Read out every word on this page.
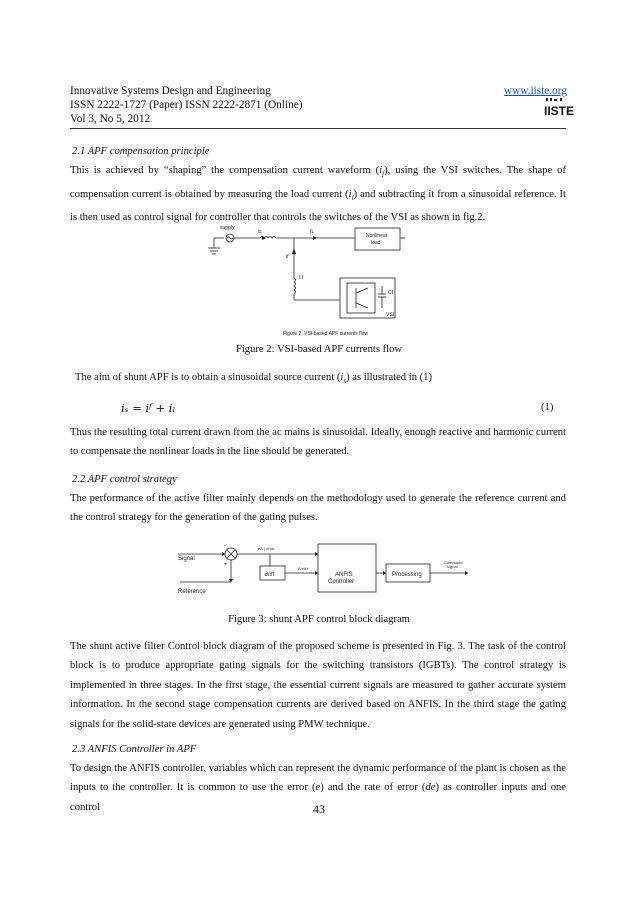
Innovative Systems Design and Engineering
ISSN 2222-1727 (Paper) ISSN 2222-2871 (Online)
Vol 3, No 5, 2012
www.iiste.org
IISTE
2.1 APF compensation principle
This is achieved by “shaping” the compensation current waveform $(i_f)$, using the VSI switches. The shape of compensation current is obtained by measuring the load current $(i_l)$ and subtracting it from a sinusoidal reference. It is then used as control signal for controller that controls the switches of the VSI as shown in fig.2.
supply
is	IL
if
Lf
Nonlinear
load
Cf
VSI
Figure 2. VSI-based APF currents flow
Figure 2: VSI-based APF currents flow
The aim of shunt APF is to obtain a sinusoidal source current $(i_s)$ as illustrated in (1)
iₛ = iᶠ + iₗ	(1)
Thus the resulting total current drawn from the ac mains is sinusoidal. Ideally, enough reactive and harmonic current to compensate the nonlinear loads in the line should be generated.
2.2 APF control strategy
The performance of the active filter mainly depends on the methodology used to generate the reference current and the control strategy for the generation of the gating pulses.
Signal
Reference
-
+
eΔ ( error
Δ eΔ t
∂/∂t	ANFIS
Controller
Processing
Command
signal
Figure 3: shunt APF control block diagram
The shunt active filter Control block diagram of the proposed scheme is presented in Fig. 3. The task of the control block is to produce appropriate gating signals for the switching transistors (IGBTs). The control strategy is implemented in three stages. In the first stage, the essential current signals are measured to gather accurate system information. In the second stage compensation currents are derived based on ANFIS. In the third stage the gating signals for the solid-state devices are generated using PMW technique.
2.3 ANFIS Controller in APF
To design the ANFIS controller, variables which can represent the dynamic performance of the plant is chosen as the inputs to the controller. It is common to use the error (e) and the rate of error (de) as controller inputs and one control	43
